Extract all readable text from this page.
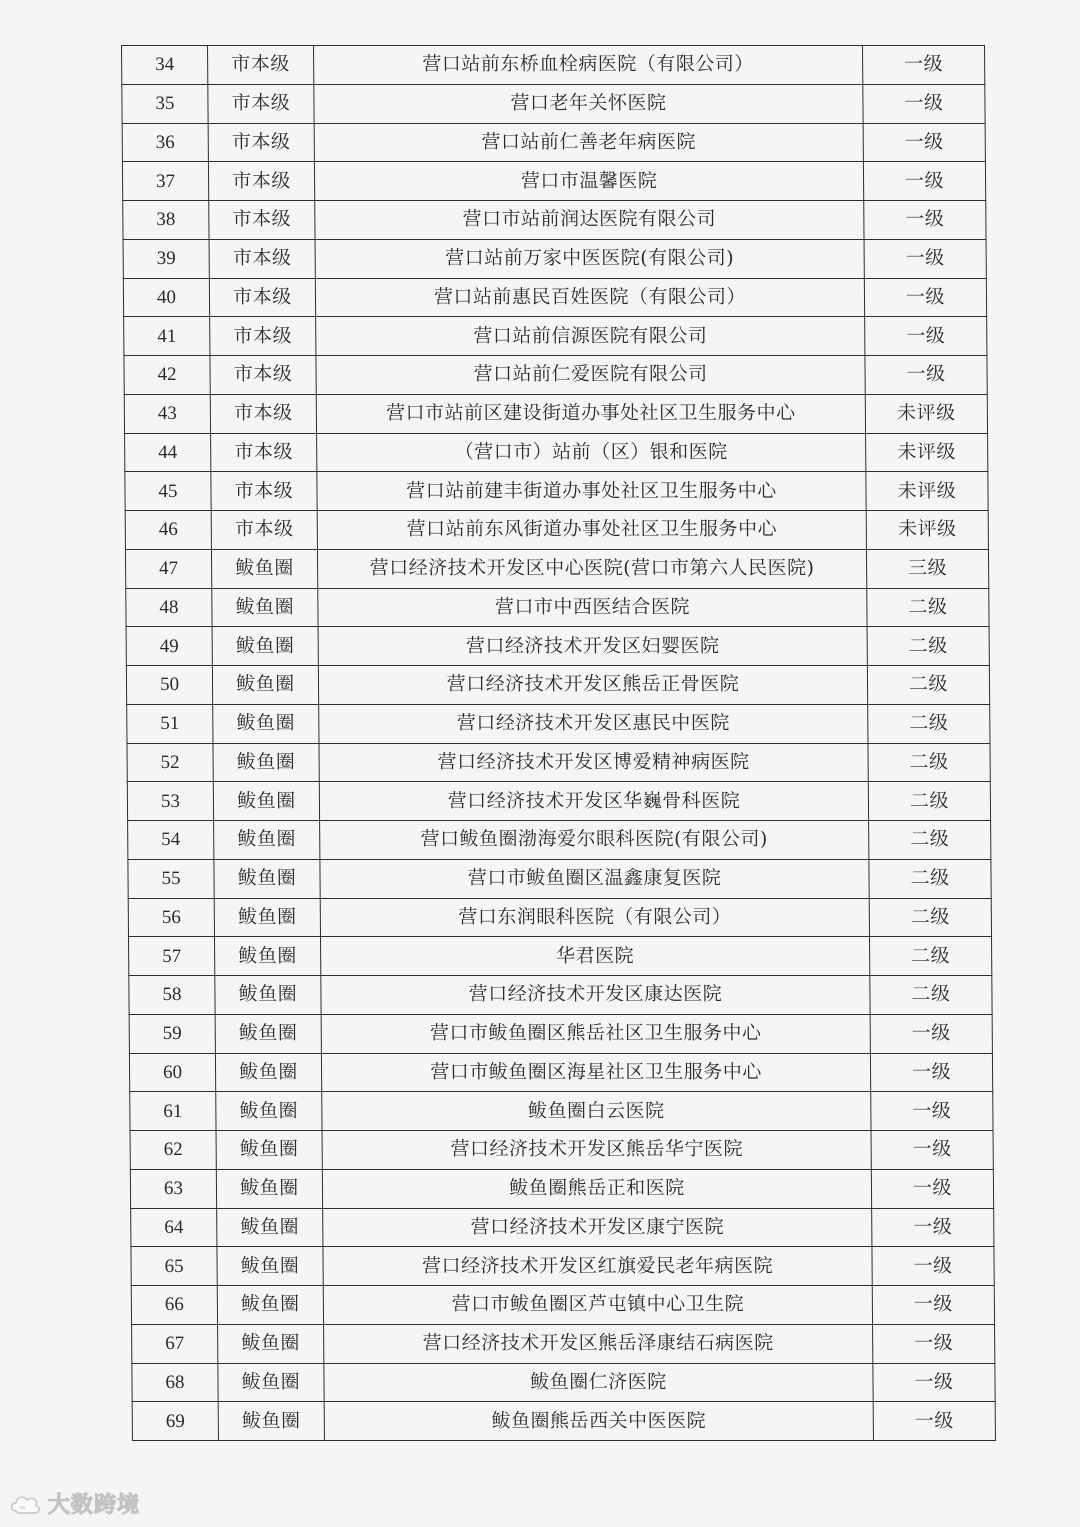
34	市本级	营口站前东桥血栓病医院（有限公司）	一级
35	市本级	营口老年关怀医院	一级
36	市本级	营口站前仁善老年病医院	一级
37	市本级	营口市温馨医院	一级
38	市本级	营口市站前润达医院有限公司	一级
39	市本级	营口站前万家中医医院(有限公司)	一级
40	市本级	营口站前惠民百姓医院（有限公司）	一级
41	市本级	营口站前信源医院有限公司	一级
42	市本级	营口站前仁爱医院有限公司	一级
43	市本级	营口市站前区建设街道办事处社区卫生服务中心	未评级
44	市本级	（营口市）站前（区）银和医院	未评级
45	市本级	营口站前建丰街道办事处社区卫生服务中心	未评级
46	市本级	营口站前东风街道办事处社区卫生服务中心	未评级
47	鲅鱼圈	营口经济技术开发区中心医院(营口市第六人民医院)	三级
48	鲅鱼圈	营口市中西医结合医院	二级
49	鲅鱼圈	营口经济技术开发区妇婴医院	二级
50	鲅鱼圈	营口经济技术开发区熊岳正骨医院	二级
51	鲅鱼圈	营口经济技术开发区惠民中医院	二级
52	鲅鱼圈	营口经济技术开发区博爱精神病医院	二级
53	鲅鱼圈	营口经济技术开发区华巍骨科医院	二级
54	鲅鱼圈	营口鲅鱼圈渤海爱尔眼科医院(有限公司)	二级
55	鲅鱼圈	营口市鲅鱼圈区温鑫康复医院	二级
56	鲅鱼圈	营口东润眼科医院（有限公司）	二级
57	鲅鱼圈	华君医院	二级
58	鲅鱼圈	营口经济技术开发区康达医院	二级
59	鲅鱼圈	营口市鲅鱼圈区熊岳社区卫生服务中心	一级
60	鲅鱼圈	营口市鲅鱼圈区海星社区卫生服务中心	一级
61	鲅鱼圈	鲅鱼圈白云医院	一级
62	鲅鱼圈	营口经济技术开发区熊岳华宁医院	一级
63	鲅鱼圈	鲅鱼圈熊岳正和医院	一级
64	鲅鱼圈	营口经济技术开发区康宁医院	一级
65	鲅鱼圈	营口经济技术开发区红旗爱民老年病医院	一级
66	鲅鱼圈	营口市鲅鱼圈区芦屯镇中心卫生院	一级
67	鲅鱼圈	营口经济技术开发区熊岳泽康结石病医院	一级
68	鲅鱼圈	鲅鱼圈仁济医院	一级
69	鲅鱼圈	鲅鱼圈熊岳西关中医医院	一级
∞ 大数跨境
